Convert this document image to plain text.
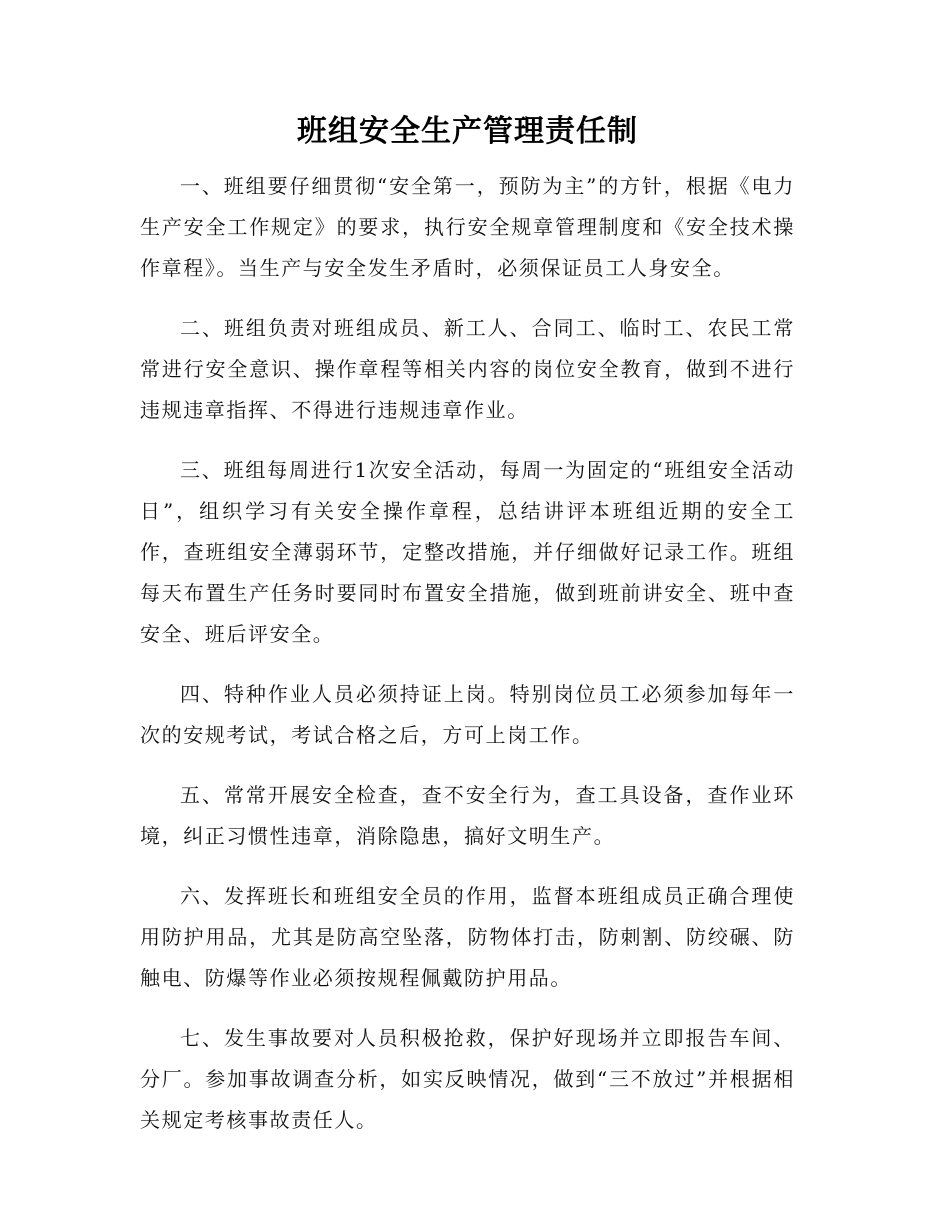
班组安全生产管理责任制

一、班组要仔细贯彻“安全第一，预防为主”的方针，根据《电力生产安全工作规定》的要求，执行安全规章管理制度和《安全技术操作章程》。当生产与安全发生矛盾时，必须保证员工人身安全。

二、班组负责对班组成员、新工人、合同工、临时工、农民工常常进行安全意识、操作章程等相关内容的岗位安全教育，做到不进行违规违章指挥、不得进行违规违章作业。

三、班组每周进行1次安全活动，每周一为固定的“班组安全活动日”，组织学习有关安全操作章程，总结讲评本班组近期的安全工作，查班组安全薄弱环节，定整改措施，并仔细做好记录工作。班组每天布置生产任务时要同时布置安全措施，做到班前讲安全、班中查安全、班后评安全。

四、特种作业人员必须持证上岗。特别岗位员工必须参加每年一次的安规考试，考试合格之后，方可上岗工作。

五、常常开展安全检查，查不安全行为，查工具设备，查作业环境，纠正习惯性违章，消除隐患，搞好文明生产。

六、发挥班长和班组安全员的作用，监督本班组成员正确合理使用防护用品，尤其是防高空坠落，防物体打击，防刺割、防绞碾、防触电、防爆等作业必须按规程佩戴防护用品。

七、发生事故要对人员积极抢救，保护好现场并立即报告车间、分厂。参加事故调查分析，如实反映情况，做到“三不放过”并根据相关规定考核事故责任人。
